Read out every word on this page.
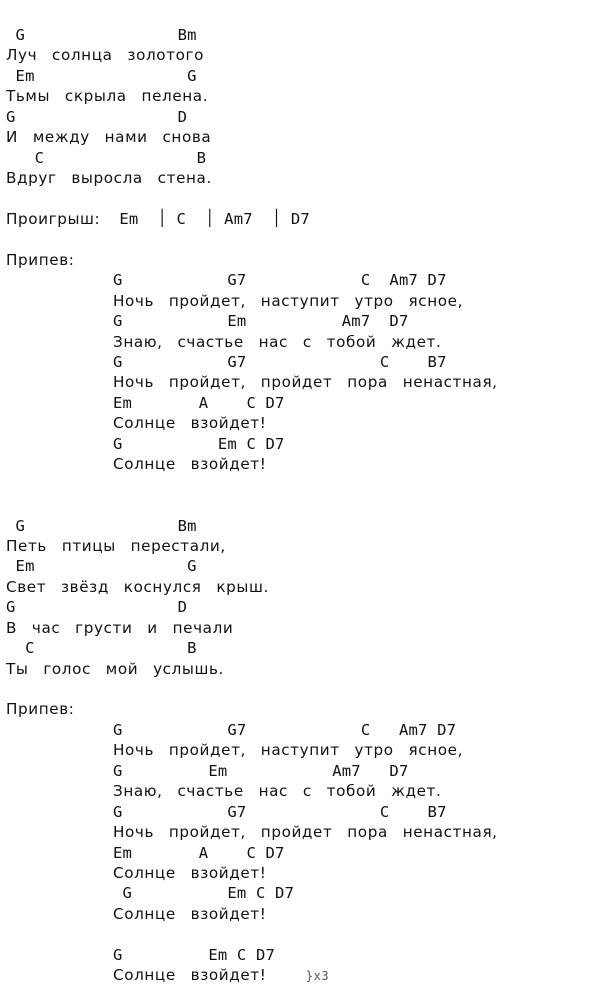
G                Bm
Луч  солнца  золотого
Em                G
Тьмы  скрыла  пелена.
G                 D
И  между  нами  снова
C                B
Вдруг  выросла  стена.
Проигрыш: Em  ׀ C  ׀ Am7  ׀ D7
Припев:
G           G7            C  Am7 D7
Ночь  пройдет,  наступит  утро  ясное,
G           Em          Am7  D7
Знаю,  счастье  нас  с  тобой  ждет.
G           G7              C    B7
Ночь  пройдет,  пройдет  пора  ненастная,
Em       A    C D7
Солнце  взойдет!
G          Em C D7
Солнце  взойдет!
G                Bm
Петь  птицы  перестали,
Em                G
Свет  звёзд  коснулся  крыш.
G                 D
В  час  грусти  и  печали
C                B
Ты  голос  мой  услышь.
Припев:
G           G7            C   Am7 D7
Ночь  пройдет,  наступит  утро  ясное,
G         Em           Am7   D7
Знаю,  счастье  нас  с  тобой  ждет.
G           G7              C    B7
Ночь  пройдет,  пройдет  пора  ненастная,
Em       A    C D7
Солнце  взойдет!
G          Em C D7
Солнце  взойдет!
G         Em C D7
Солнце  взойдет!	}x3
